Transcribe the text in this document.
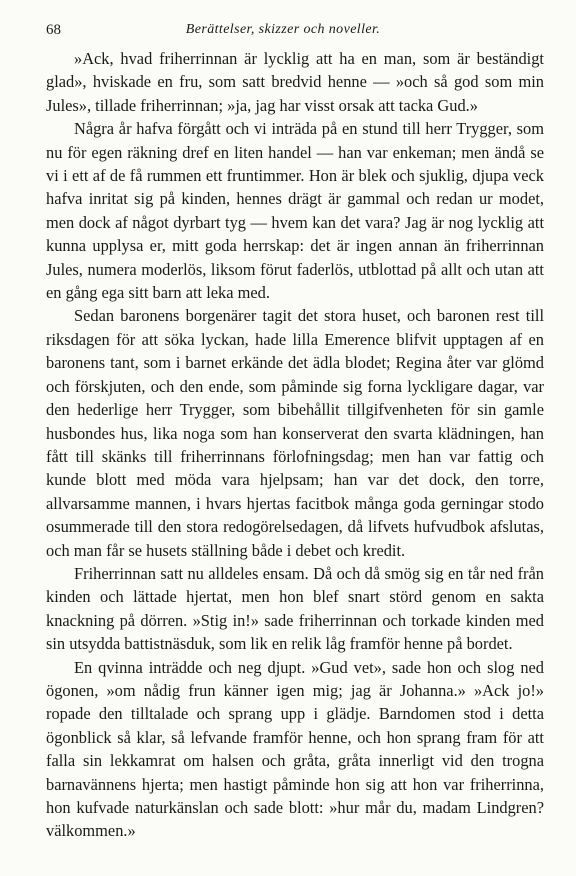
68	Berättelser, skizzer och noveller.

»Ack, hvad friherrinnan är lycklig att ha en man, som är beständigt glad», hviskade en fru, som satt bredvid henne — »och så god som min Jules», tillade friherrinnan; »ja, jag har visst orsak att tacka Gud.»

Några år hafva förgått och vi inträda på en stund till herr Trygger, som nu för egen räkning dref en liten handel — han var enkeman; men ändå se vi i ett af de få rummen ett fruntimmer. Hon är blek och sjuklig, djupa veck hafva inritat sig på kinden, hennes drägt är gammal och redan ur modet, men dock af något dyrbart tyg — hvem kan det vara? Jag är nog lycklig att kunna upplysa er, mitt goda herrskap: det är ingen annan än friherrinnan Jules, numera moderlös, liksom förut faderlös, utblottad på allt och utan att en gång ega sitt barn att leka med.

Sedan baronens borgenärer tagit det stora huset, och baronen rest till riksdagen för att söka lyckan, hade lilla Emerence blifvit upptagen af en baronens tant, som i barnet erkände det ädla blodet; Regina åter var glömd och förskjuten, och den ende, som påminde sig forna lyckligare dagar, var den hederlige herr Trygger, som bibehållit tillgifvenheten för sin gamle husbondes hus, lika noga som han konserverat den svarta klädningen, han fått till skänks till friherrinnans förlofningsdag; men han var fattig och kunde blott med möda vara hjelpsam; han var det dock, den torre, allvarsamme mannen, i hvars hjertas facitbok många goda gerningar stodo osummerade till den stora redogörelsedagen, då lifvets hufvudbok afslutas, och man får se husets ställning både i debet och kredit.

Friherrinnan satt nu alldeles ensam. Då och då smög sig en tår ned från kinden och lättade hjertat, men hon blef snart störd genom en sakta knackning på dörren. »Stig in!» sade friherrinnan och torkade kinden med sin utsydda battistnäsduk, som lik en relik låg framför henne på bordet.

En qvinna inträdde och neg djupt. »Gud vet», sade hon och slog ned ögonen, »om nådig frun känner igen mig; jag är Johanna.» »Ack jo!» ropade den tilltalade och sprang upp i glädje. Barndomen stod i detta ögonblick så klar, så lefvande framför henne, och hon sprang fram för att falla sin lekkamrat om halsen och gråta, gråta innerligt vid den trogna barnavännens hjerta; men hastigt påminde hon sig att hon var friherrinna, hon kufvade naturkänslan och sade blott: »hur mår du, madam Lindgren? välkommen.»
